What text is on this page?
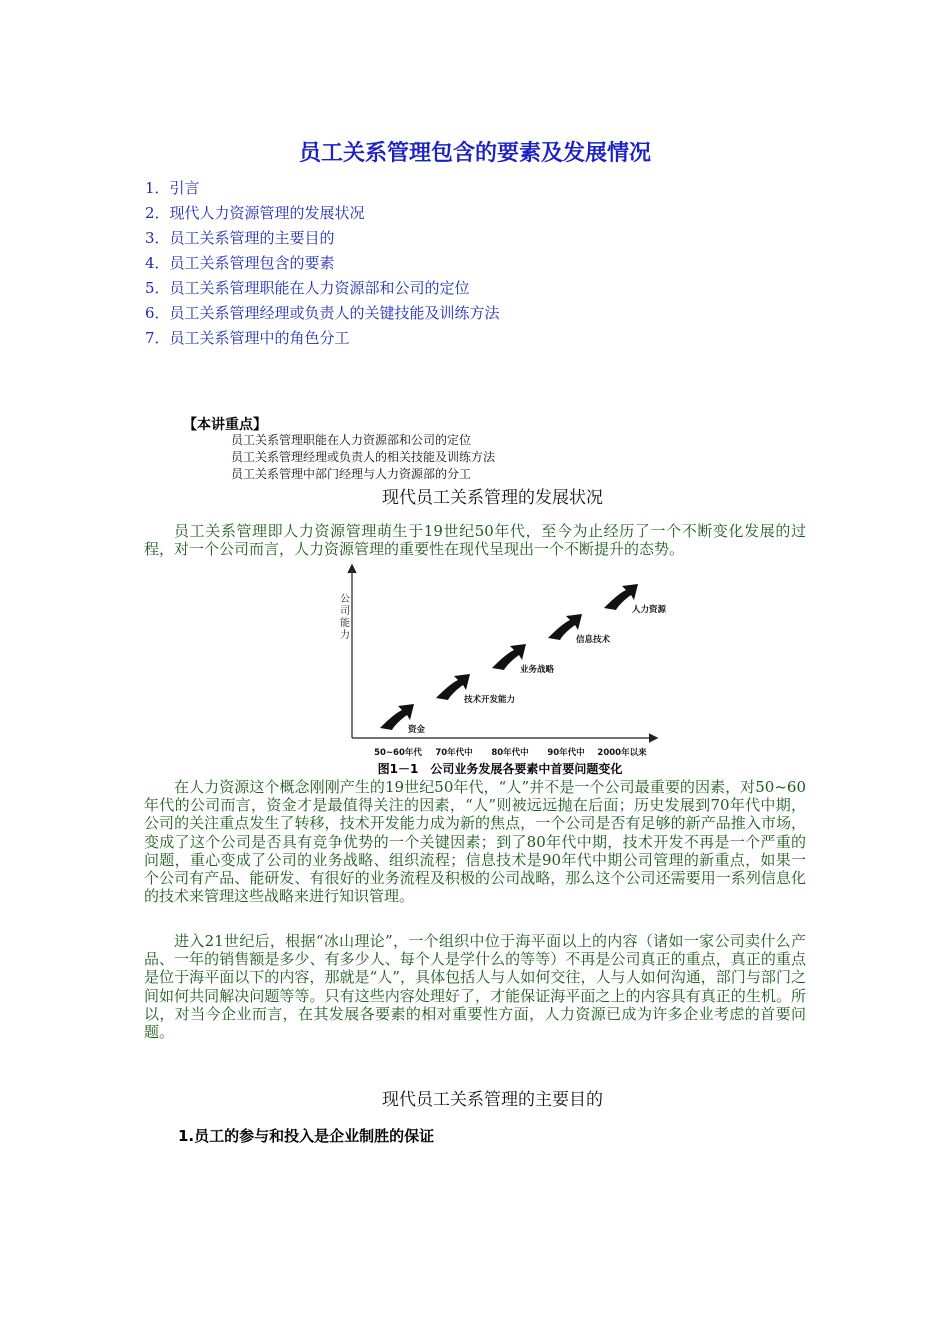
员工关系管理包含的要素及发展情况
1．引言
2．现代人力资源管理的发展状况
3．员工关系管理的主要目的
4．员工关系管理包含的要素
5．员工关系管理职能在人力资源部和公司的定位
6．员工关系管理经理或负责人的关键技能及训练方法
7．员工关系管理中的角色分工
【本讲重点】
员工关系管理职能在人力资源部和公司的定位
员工关系管理经理或负责人的相关技能及训练方法
员工关系管理中部门经理与人力资源部的分工
现代员工关系管理的发展状况

员工关系管理即人力资源管理萌生于19世纪50年代，至今为止经历了一个不断变化发展的过程，对一个公司而言，人力资源管理的重要性在现代呈现出一个不断提升的态势。

公司能力
50~60年代 70年代中 80年代中 90年代中 2000年以来
资金
技术开发能力
业务战略
信息技术
人力资源
图1－1　公司业务发展各要素中首要问题变化

在人力资源这个概念刚刚产生的19世纪50年代，“人”并不是一个公司最重要的因素，对50~60年代的公司而言，资金才是最值得关注的因素，“人”则被远远抛在后面；历史发展到70年代中期，公司的关注重点发生了转移，技术开发能力成为新的焦点，一个公司是否有足够的新产品推入市场，变成了这个公司是否具有竞争优势的一个关键因素；到了80年代中期，技术开发不再是一个严重的问题，重心变成了公司的业务战略、组织流程；信息技术是90年代中期公司管理的新重点，如果一个公司有产品、能研发、有很好的业务流程及积极的公司战略，那么这个公司还需要用一系列信息化的技术来管理这些战略来进行知识管理。

进入21世纪后，根据“冰山理论”，一个组织中位于海平面以上的内容（诸如一家公司卖什么产品、一年的销售额是多少、有多少人、每个人是学什么的等等）不再是公司真正的重点，真正的重点是位于海平面以下的内容，那就是“人”，具体包括人与人如何交往，人与人如何沟通，部门与部门之间如何共同解决问题等等。只有这些内容处理好了，才能保证海平面之上的内容具有真正的生机。所以，对当今企业而言，在其发展各要素的相对重要性方面，人力资源已成为许多企业考虑的首要问题。

现代员工关系管理的主要目的
1.员工的参与和投入是企业制胜的保证
